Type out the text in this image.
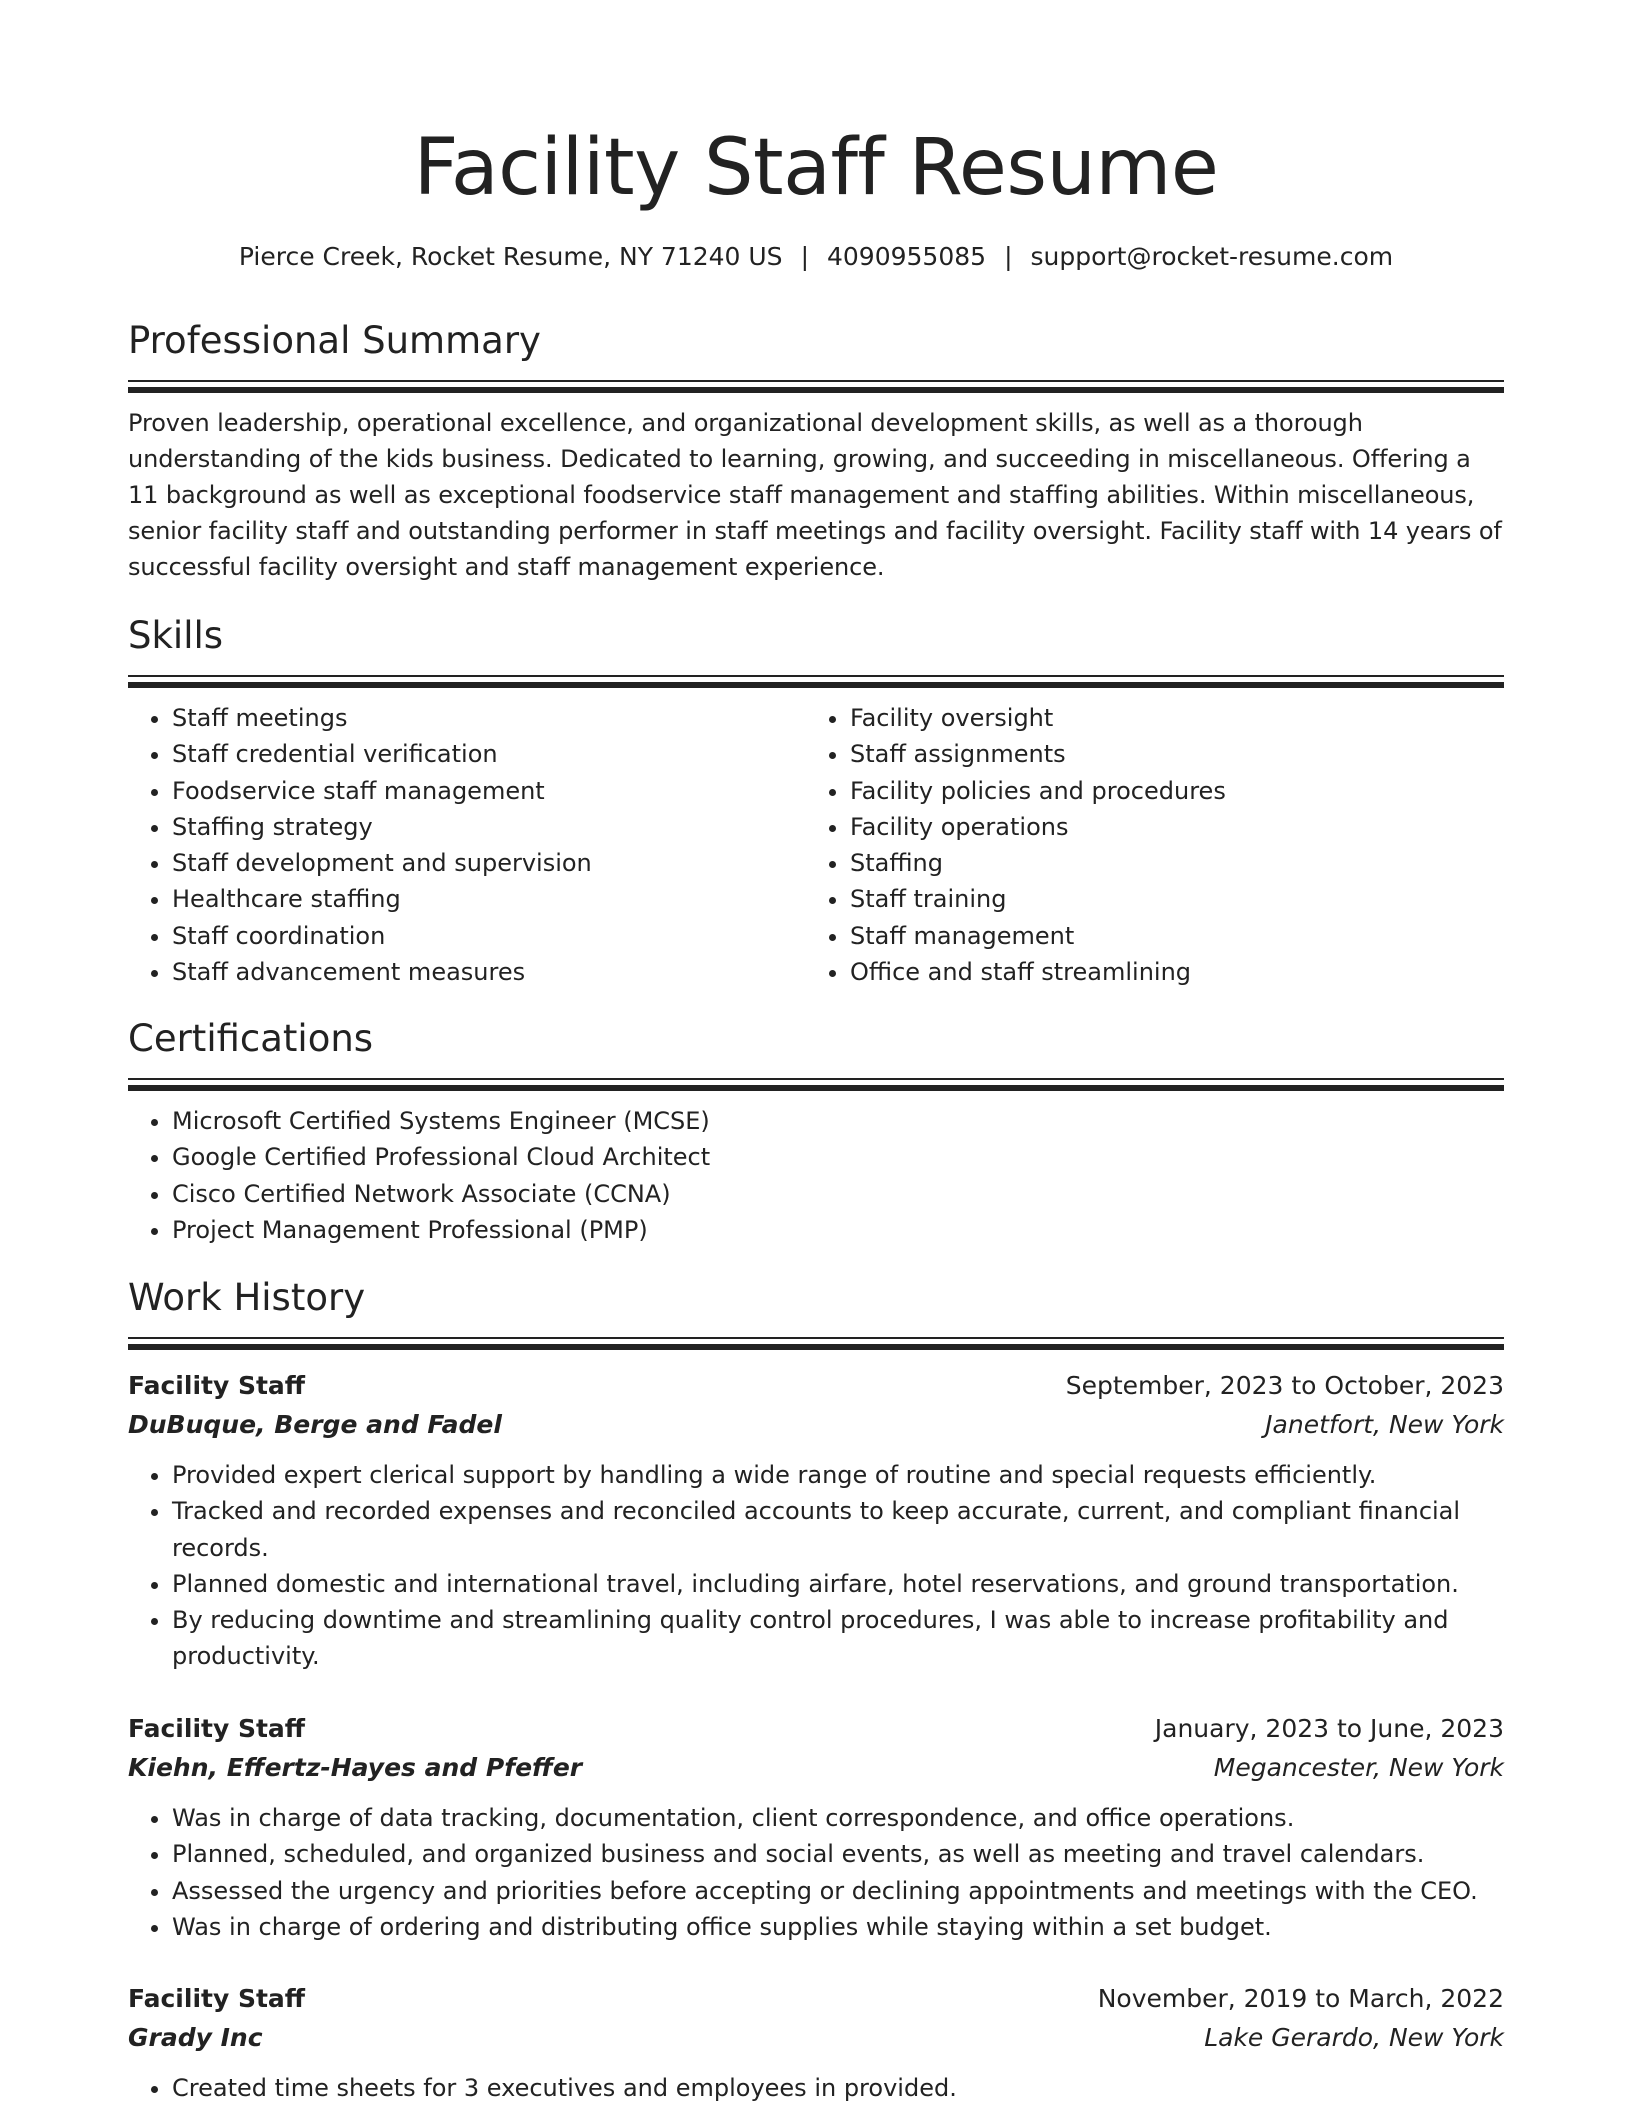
Facility Staff Resume
Pierce Creek, Rocket Resume, NY 71240 US | 4090955085 | support@rocket-resume.com
Professional Summary
Proven leadership, operational excellence, and organizational development skills, as well as a thorough understanding of the kids business. Dedicated to learning, growing, and succeeding in miscellaneous. Offering a 11 background as well as exceptional foodservice staff management and staffing abilities. Within miscellaneous, senior facility staff and outstanding performer in staff meetings and facility oversight. Facility staff with 14 years of successful facility oversight and staff management experience.
Skills
• Staff meetings
• Staff credential verification
• Foodservice staff management
• Staffing strategy
• Staff development and supervision
• Healthcare staffing
• Staff coordination
• Staff advancement measures
• Facility oversight
• Staff assignments
• Facility policies and procedures
• Facility operations
• Staffing
• Staff training
• Staff management
• Office and staff streamlining
Certifications
• Microsoft Certified Systems Engineer (MCSE)
• Google Certified Professional Cloud Architect
• Cisco Certified Network Associate (CCNA)
• Project Management Professional (PMP)
Work History
Facility Staff	September, 2023 to October, 2023
DuBuque, Berge and Fadel	Janetfort, New York
• Provided expert clerical support by handling a wide range of routine and special requests efficiently.
• Tracked and recorded expenses and reconciled accounts to keep accurate, current, and compliant financial records.
• Planned domestic and international travel, including airfare, hotel reservations, and ground transportation.
• By reducing downtime and streamlining quality control procedures, I was able to increase profitability and productivity.
Facility Staff	January, 2023 to June, 2023
Kiehn, Effertz-Hayes and Pfeffer	Megancester, New York
• Was in charge of data tracking, documentation, client correspondence, and office operations.
• Planned, scheduled, and organized business and social events, as well as meeting and travel calendars.
• Assessed the urgency and priorities before accepting or declining appointments and meetings with the CEO.
• Was in charge of ordering and distributing office supplies while staying within a set budget.
Facility Staff	November, 2019 to March, 2022
Grady Inc	Lake Gerardo, New York
• Created time sheets for 3 executives and employees in provided.
